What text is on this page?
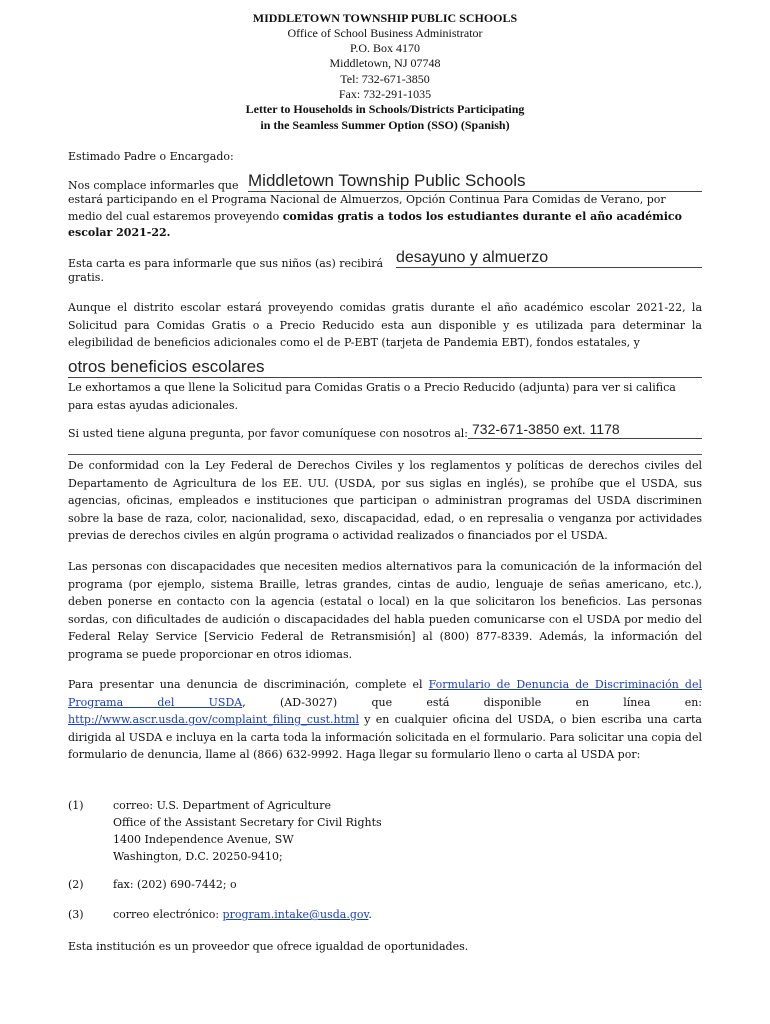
MIDDLETOWN TOWNSHIP PUBLIC SCHOOLS
Office of School Business Administrator
P.O. Box 4170
Middletown, NJ 07748
Tel: 732-671-3850
Fax: 732-291-1035
Letter to Households in Schools/Districts Participating
in the Seamless Summer Option (SSO) (Spanish)
Estimado Padre o Encargado:
Nos complace informarles que Middletown Township Public Schools
estará participando en el Programa Nacional de Almuerzos, Opción Continua Para Comidas de Verano, por
medio del cual estaremos proveyendo comidas gratis a todos los estudiantes durante el año académico
escolar 2021-22.
Esta carta es para informarle que sus niños (as) recibirá desayuno y almuerzo
gratis.
Aunque el distrito escolar estará proveyendo comidas gratis durante el año académico escolar 2021-22, la Solicitud para Comidas Gratis o a Precio Reducido esta aun disponible y es utilizada para determinar la elegibilidad de beneficios adicionales como el de P-EBT (tarjeta de Pandemia EBT), fondos estatales, y
otros beneficios escolares
Le exhortamos a que llene la Solicitud para Comidas Gratis o a Precio Reducido (adjunta) para ver si califica para estas ayudas adicionales.
Si usted tiene alguna pregunta, por favor comuníquese con nosotros al: 732-671-3850 ext. 1178
De conformidad con la Ley Federal de Derechos Civiles y los reglamentos y políticas de derechos civiles del Departamento de Agricultura de los EE. UU. (USDA, por sus siglas en inglés), se prohíbe que el USDA, sus agencias, oficinas, empleados e instituciones que participan o administran programas del USDA discriminen sobre la base de raza, color, nacionalidad, sexo, discapacidad, edad, o en represalia o venganza por actividades previas de derechos civiles en algún programa o actividad realizados o financiados por el USDA.
Las personas con discapacidades que necesiten medios alternativos para la comunicación de la información del programa (por ejemplo, sistema Braille, letras grandes, cintas de audio, lenguaje de señas americano, etc.), deben ponerse en contacto con la agencia (estatal o local) en la que solicitaron los beneficios. Las personas sordas, con dificultades de audición o discapacidades del habla pueden comunicarse con el USDA por medio del Federal Relay Service [Servicio Federal de Retransmisión] al (800) 877-8339. Además, la información del programa se puede proporcionar en otros idiomas.
Para presentar una denuncia de discriminación, complete el Formulario de Denuncia de Discriminación del Programa del USDA, (AD-3027) que está disponible en línea en: http://www.ascr.usda.gov/complaint_filing_cust.html y en cualquier oficina del USDA, o bien escriba una carta dirigida al USDA e incluya en la carta toda la información solicitada en el formulario. Para solicitar una copia del formulario de denuncia, llame al (866) 632-9992. Haga llegar su formulario lleno o carta al USDA por:
(1)	correo: U.S. Department of Agriculture
Office of the Assistant Secretary for Civil Rights
1400 Independence Avenue, SW
Washington, D.C. 20250-9410;
(2)	fax: (202) 690-7442; o
(3)	correo electrónico: program.intake@usda.gov.
Esta institución es un proveedor que ofrece igualdad de oportunidades.
